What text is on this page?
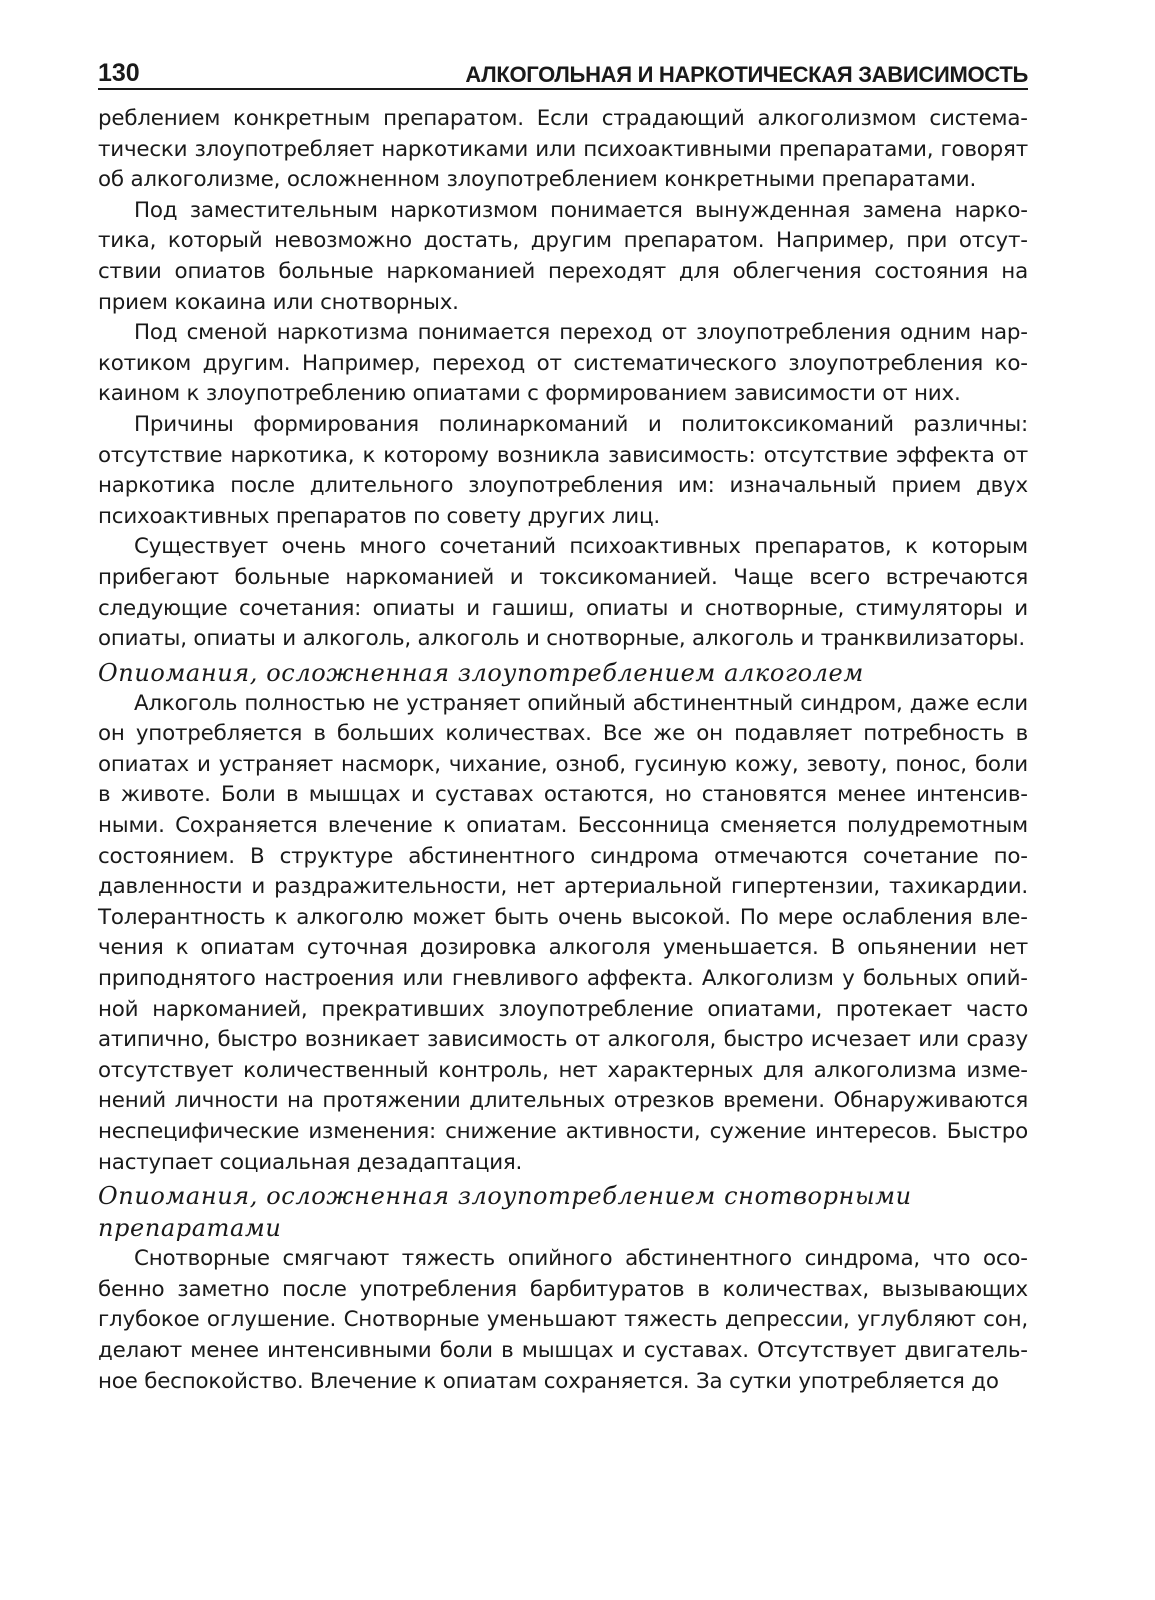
130	АЛКОГОЛЬНАЯ И НАРКОТИЧЕСКАЯ ЗАВИСИМОСТЬ

реблением конкретным препаратом. Если страдающий алкоголизмом систематически злоупотребляет наркотиками или психоактивными препаратами, говорят об алкоголизме, осложненном злоупотреблением конкретными препаратами.

Под заместительным наркотизмом понимается вынужденная замена наркотика, который невозможно достать, другим препаратом. Например, при отсутствии опиатов больные наркоманией переходят для облегчения состояния на прием кокаина или снотворных.

Под сменой наркотизма понимается переход от злоупотребления одним наркотиком другим. Например, переход от систематического злоупотребления кокаином к злоупотреблению опиатами с формированием зависимости от них.

Причины формирования полинаркоманий и политоксикоманий различны: отсутствие наркотика, к которому возникла зависимость: отсутствие эффекта от наркотика после длительного злоупотребления им: изначальный прием двух психоактивных препаратов по совету других лиц.

Существует очень много сочетаний психоактивных препаратов, к которым прибегают больные наркоманией и токсикоманией. Чаще всего встречаются следующие сочетания: опиаты и гашиш, опиаты и снотворные, стимуляторы и опиаты, опиаты и алкоголь, алкоголь и снотворные, алкоголь и транквилизаторы.

Опиомания, осложненная злоупотреблением алкоголем

Алкоголь полностью не устраняет опийный абстинентный синдром, даже если он употребляется в больших количествах. Все же он подавляет потребность в опиатах и устраняет насморк, чихание, озноб, гусиную кожу, зевоту, понос, боли в животе. Боли в мышцах и суставах остаются, но становятся менее интенсивными. Сохраняется влечение к опиатам. Бессонница сменяется полудремотным состоянием. В структуре абстинентного синдрома отмечаются сочетание подавленности и раздражительности, нет артериальной гипертензии, тахикардии. Толерантность к алкоголю может быть очень высокой. По мере ослабления влечения к опиатам суточная дозировка алкоголя уменьшается. В опьянении нет приподнятого настроения или гневливого аффекта. Алкоголизм у больных опийной наркоманией, прекративших злоупотребление опиатами, протекает часто атипично, быстро возникает зависимость от алкоголя, быстро исчезает или сразу отсутствует количественный контроль, нет характерных для алкоголизма изменений личности на протяжении длительных отрезков времени. Обнаруживаются неспецифические изменения: снижение активности, сужение интересов. Быстро наступает социальная дезадаптация.

Опиомания, осложненная злоупотреблением снотворными препаратами

Снотворные смягчают тяжесть опийного абстинентного синдрома, что особенно заметно после употребления барбитуратов в количествах, вызывающих глубокое оглушение. Снотворные уменьшают тяжесть депрессии, углубляют сон, делают менее интенсивными боли в мышцах и суставах. Отсутствует двигательное беспокойство. Влечение к опиатам сохраняется. За сутки употребляется до
